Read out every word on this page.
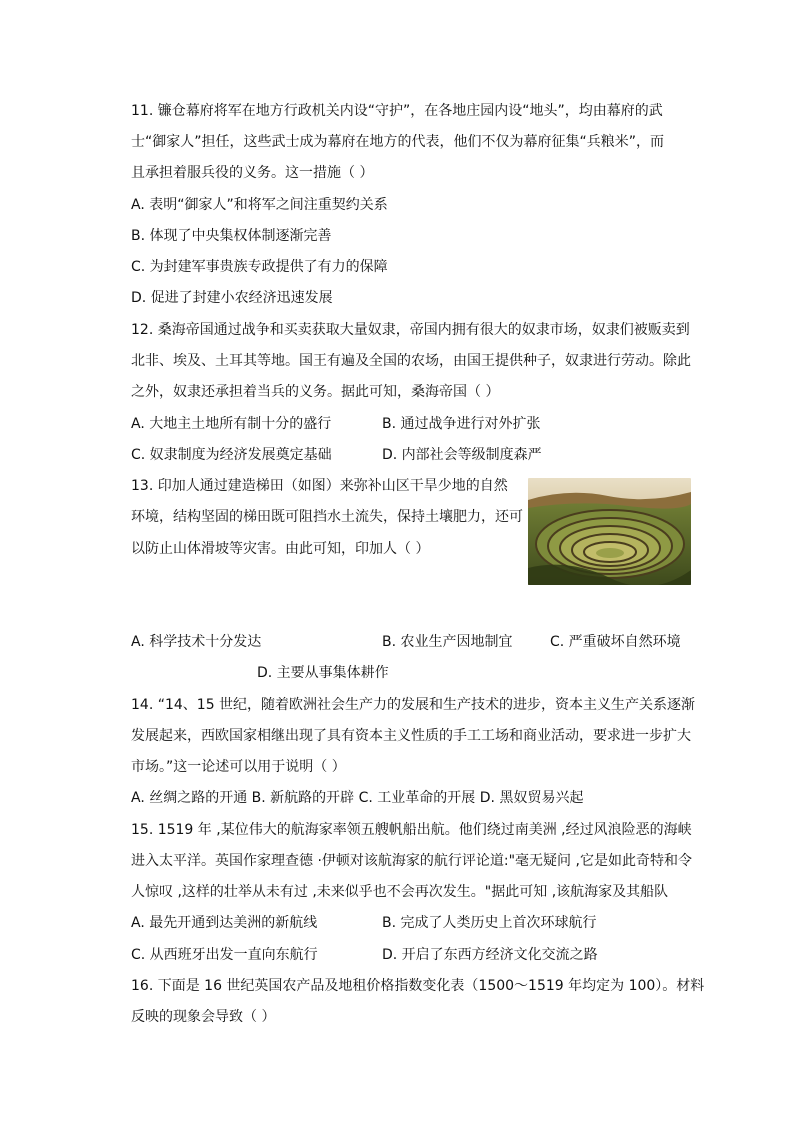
11. 镰仓幕府将军在地方行政机关内设“守护”，在各地庄园内设“地头”，均由幕府的武
士“御家人”担任，这些武士成为幕府在地方的代表，他们不仅为幕府征集“兵粮米”，而
且承担着服兵役的义务。这一措施（ ）
A. 表明“御家人”和将军之间注重契约关系
B. 体现了中央集权体制逐渐完善
C. 为封建军事贵族专政提供了有力的保障
D. 促进了封建小农经济迅速发展
12. 桑海帝国通过战争和买卖获取大量奴隶，帝国内拥有很大的奴隶市场，奴隶们被贩卖到
北非、埃及、土耳其等地。国王有遍及全国的农场，由国王提供种子，奴隶进行劳动。除此
之外，奴隶还承担着当兵的义务。据此可知，桑海帝国（ ）
A. 大地主土地所有制十分的盛行	B. 通过战争进行对外扩张
C. 奴隶制度为经济发展奠定基础	D. 内部社会等级制度森严
13. 印加人通过建造梯田（如图）来弥补山区干旱少地的自然
环境，结构坚固的梯田既可阻挡水土流失，保持土壤肥力，还可
以防止山体滑坡等灾害。由此可知，印加人（ ）
A. 科学技术十分发达	B. 农业生产因地制宜	C. 严重破坏自然环境
D. 主要从事集体耕作
14. “14、15 世纪，随着欧洲社会生产力的发展和生产技术的进步，资本主义生产关系逐渐
发展起来，西欧国家相继出现了具有资本主义性质的手工工场和商业活动，要求进一步扩大
市场。”这一论述可以用于说明（ ）
A. 丝绸之路的开通 B. 新航路的开辟 C. 工业革命的开展 D. 黑奴贸易兴起
15. 1519 年 ,某位伟大的航海家率领五艘帆船出航。他们绕过南美洲 ,经过风浪险恶的海峡
进入太平洋。英国作家理查德 ·伊顿对该航海家的航行评论道:"毫无疑问 ,它是如此奇特和令
人惊叹 ,这样的壮举从未有过 ,未来似乎也不会再次发生。"据此可知 ,该航海家及其船队
A. 最先开通到达美洲的新航线	B. 完成了人类历史上首次环球航行
C. 从西班牙出发一直向东航行	D. 开启了东西方经济文化交流之路
16. 下面是 16 世纪英国农产品及地租价格指数变化表（1500～1519 年均定为 100）。材料
反映的现象会导致（ ）
